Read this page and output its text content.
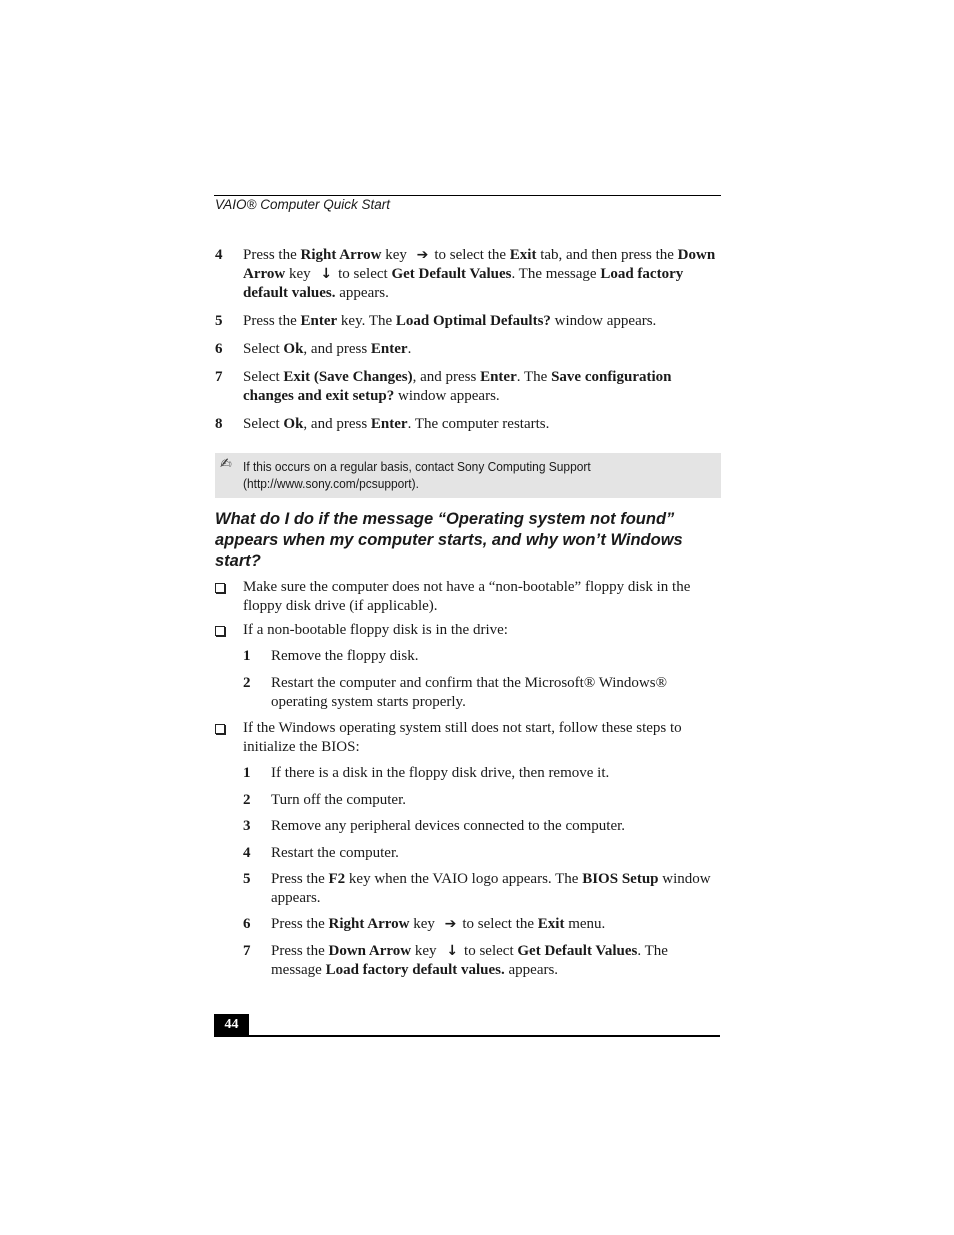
VAIO® Computer Quick Start
4 Press the Right Arrow key ➔ to select the Exit tab, and then press the Down Arrow key ↓ to select Get Default Values. The message Load factory default values. appears.
5 Press the Enter key. The Load Optimal Defaults? window appears.
6 Select Ok, and press Enter.
7 Select Exit (Save Changes), and press Enter. The Save configuration changes and exit setup? window appears.
8 Select Ok, and press Enter. The computer restarts.
✍ If this occurs on a regular basis, contact Sony Computing Support (http://www.sony.com/pcsupport).
What do I do if the message “Operating system not found” appears when my computer starts, and why won’t Windows start?
Make sure the computer does not have a “non-bootable” floppy disk in the floppy disk drive (if applicable).
If a non-bootable floppy disk is in the drive:
1 Remove the floppy disk.
2 Restart the computer and confirm that the Microsoft® Windows® operating system starts properly.
If the Windows operating system still does not start, follow these steps to initialize the BIOS:
1 If there is a disk in the floppy disk drive, then remove it.
2 Turn off the computer.
3 Remove any peripheral devices connected to the computer.
4 Restart the computer.
5 Press the F2 key when the VAIO logo appears. The BIOS Setup window appears.
6 Press the Right Arrow key ➔ to select the Exit menu.
7 Press the Down Arrow key ↓ to select Get Default Values. The message Load factory default values. appears.
44
